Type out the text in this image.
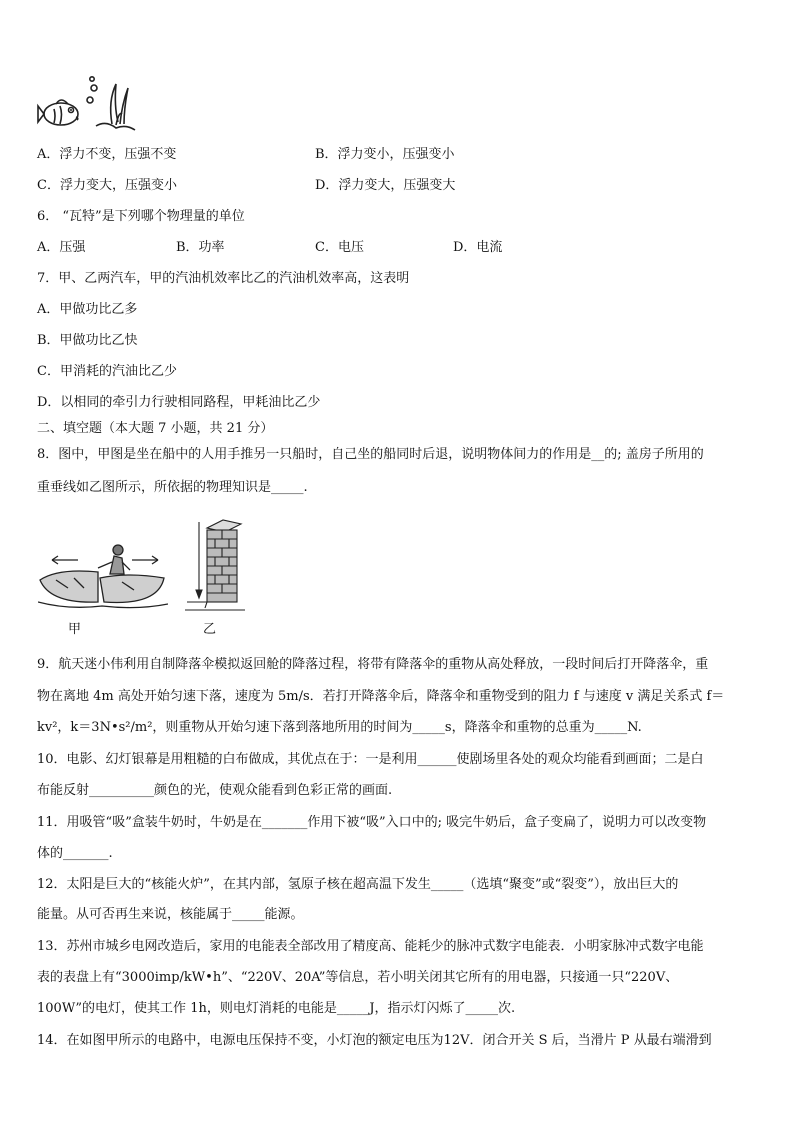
A．浮力不变，压强不变	B．浮力变小，压强变小
C．浮力变大，压强变小	D．浮力变大，压强变大
6． “瓦特”是下列哪个物理量的单位
A．压强	B．功率	C．电压	D．电流
7．甲、乙两汽车，甲的汽油机效率比乙的汽油机效率高，这表明
A．甲做功比乙多
B．甲做功比乙快
C．甲消耗的汽油比乙少
D．以相同的牵引力行驶相同路程，甲耗油比乙少
二、填空题（本大题 7 小题，共 21 分）
8．图中，甲图是坐在船中的人用手推另一只船时，自己坐的船同时后退，说明物体间力的作用是__的; 盖房子所用的
重垂线如乙图所示，所依据的物理知识是_____.
甲	乙
9．航天迷小伟利用自制降落伞模拟返回舱的降落过程，将带有降落伞的重物从高处释放，一段时间后打开降落伞，重
物在离地 4m 高处开始匀速下落，速度为 5m/s．若打开降落伞后，降落伞和重物受到的阻力 f 与速度 v 满足关系式 f＝
kv²，k＝3N•s²/m²，则重物从开始匀速下落到落地所用的时间为_____s，降落伞和重物的总重为_____N.
10．电影、幻灯银幕是用粗糙的白布做成，其优点在于：一是利用______使剧场里各处的观众均能看到画面；二是白
布能反射__________颜色的光，使观众能看到色彩正常的画面.
11．用吸管“吸”盒装牛奶时，牛奶是在_______作用下被“吸”入口中的; 吸完牛奶后，盒子变扁了，说明力可以改变物
体的_______.
12．太阳是巨大的“核能火炉”，在其内部，氢原子核在超高温下发生_____（选填“聚变”或“裂变”），放出巨大的
能量。从可否再生来说，核能属于_____能源。
13．苏州市城乡电网改造后，家用的电能表全部改用了精度高、能耗少的脉冲式数字电能表．小明家脉冲式数字电能
表的表盘上有“3000imp/kW•h”、“220V、20A”等信息，若小明关闭其它所有的用电器，只接通一只“220V、
100W”的电灯，使其工作 1h，则电灯消耗的电能是_____J，指示灯闪烁了_____次.
14．在如图甲所示的电路中，电源电压保持不变，小灯泡的额定电压为12V．闭合开关 S 后，当滑片 P 从最右端滑到
